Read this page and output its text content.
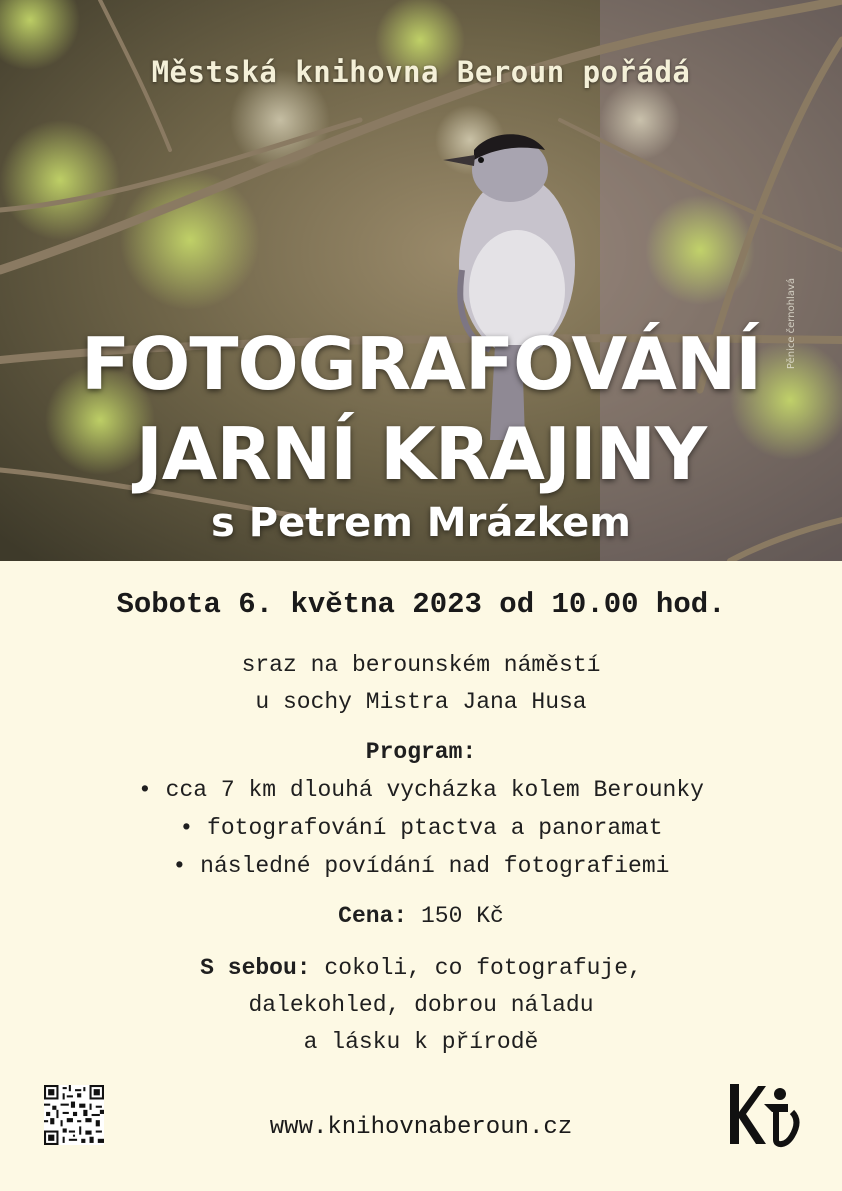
Městská knihovna Beroun pořádá
FOTOGRAFOVÁNÍ
JARNÍ KRAJINY
s Petrem Mrázkem
Pěnice černohlavá
Sobota 6. května 2023 od 10.00 hod.
sraz na berounském náměstí
u sochy Mistra Jana Husa
Program:
• cca 7 km dlouhá vycházka kolem Berounky
• fotografování ptactva a panoramat
• následné povídání nad fotografiemi
Cena: 150 Kč
S sebou: cokoli, co fotografuje,
dalekohled, dobrou náladu
a lásku k přírodě
www.knihovnaberoun.cz
